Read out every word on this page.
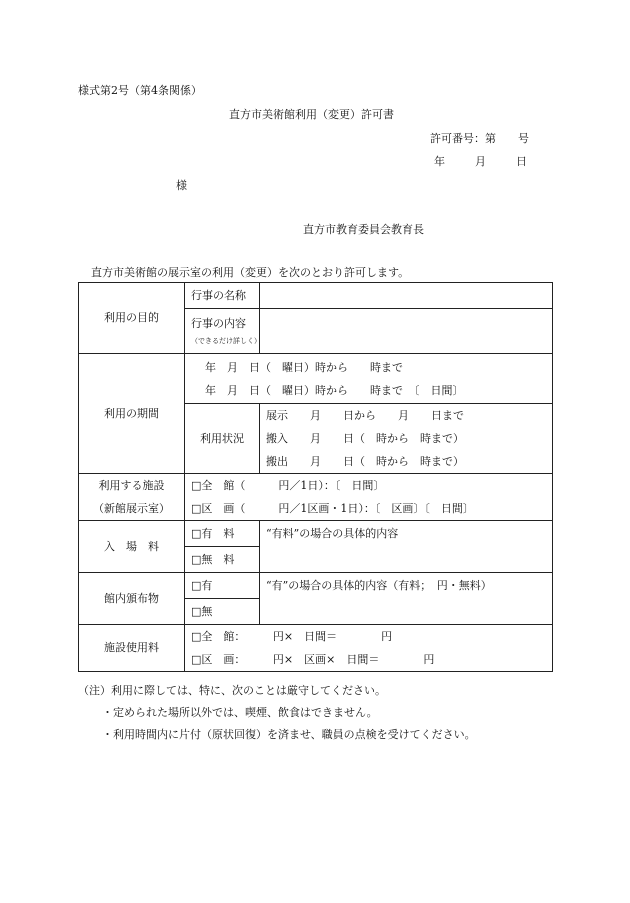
様式第2号（第4条関係）
直方市美術館利用（変更）許可書
許可番号：第　　号
年	月	日
様
直方市教育委員会教育長
直方市美術館の展示室の利用（変更）を次のとおり許可します。
利用の目的	行事の名称	

	行事の内容
（できるだけ詳しく）	

利用の期間	年　月　日（　曜日）時から　　時まで
年　月　日（　曜日）時から　　時まで　〔　日間〕	

	利用状況	展示　　月　　日から　　月　　日まで
搬入　　月　　日（　時から　時まで）
搬出　　月　　日（　時から　時まで）

利用する施設
（新館展示室）	□全　館（　　　円／1日）：〔　日間〕
□区　画（　　　円／1区画・1日）：〔　区画〕〔　日間〕	

入　場　料	□有　料	“有料”の場合の具体的内容
	□無　料	
館内頒布物	□有	“有”の場合の具体的内容（有料；　円・無料）
	□無	
施設使用料	□全　館：　　　円×　日間＝　　　　円
□区　画：　　　円×　区画×　日間＝　　　　円	
（注）利用に際しては、特に、次のことは厳守してください。
・定められた場所以外では、喫煙、飲食はできません。
・利用時間内に片付（原状回復）を済ませ、職員の点検を受けてください。
